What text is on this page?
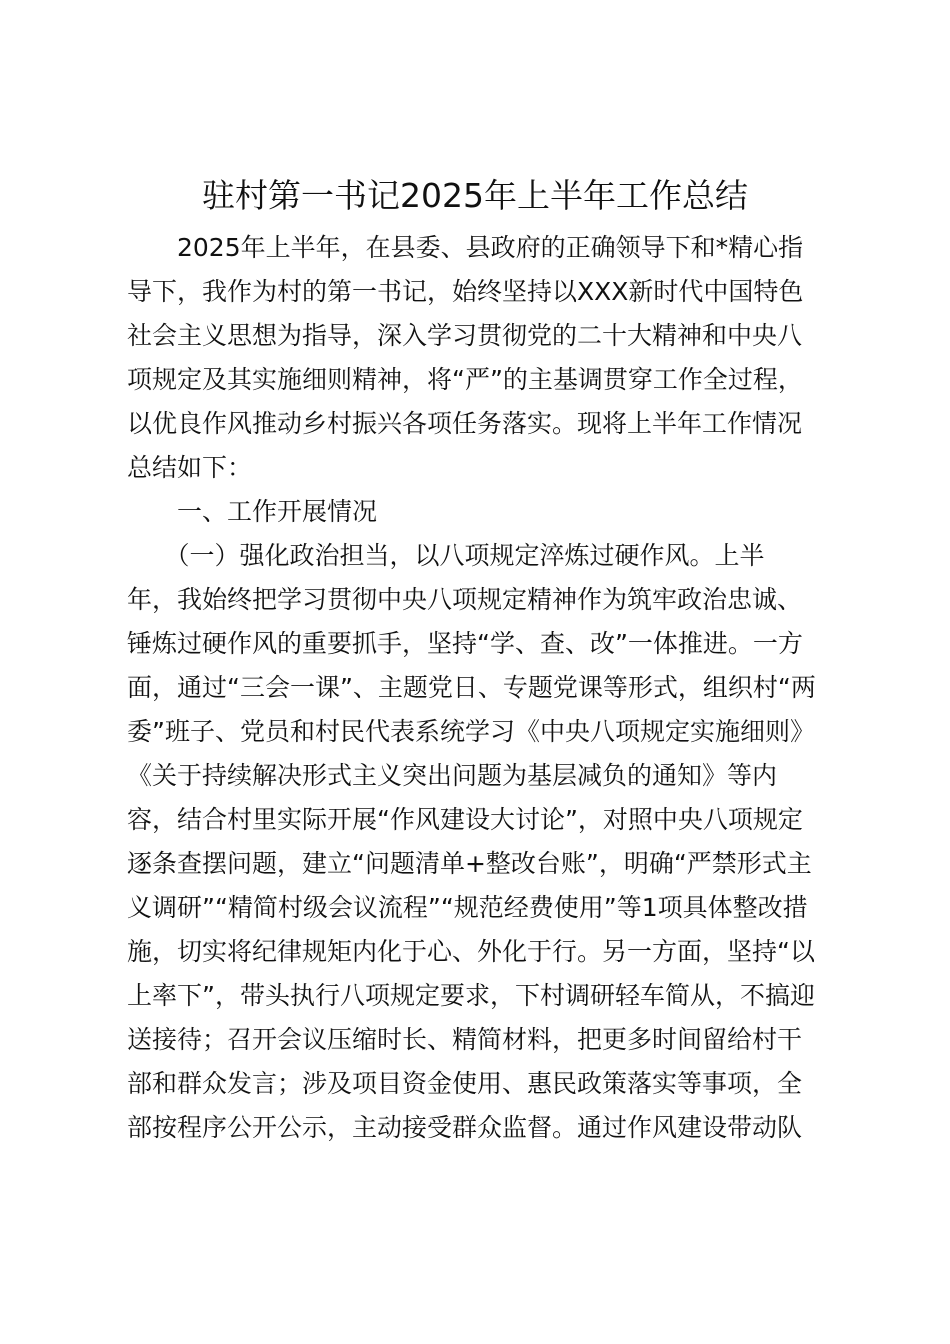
驻村第一书记2025年上半年工作总结
　　2025年上半年，在县委、县政府的正确领导下和*精心指
导下，我作为村的第一书记，始终坚持以XXX新时代中国特色
社会主义思想为指导，深入学习贯彻党的二十大精神和中央八
项规定及其实施细则精神，将“严”的主基调贯穿工作全过程，
以优良作风推动乡村振兴各项任务落实。现将上半年工作情况
总结如下：
　　一、工作开展情况
　　（一）强化政治担当，以八项规定淬炼过硬作风。上半
年，我始终把学习贯彻中央八项规定精神作为筑牢政治忠诚、
锤炼过硬作风的重要抓手，坚持“学、查、改”一体推进。一方
面，通过“三会一课”、主题党日、专题党课等形式，组织村“两
委”班子、党员和村民代表系统学习《中央八项规定实施细则》
《关于持续解决形式主义突出问题为基层减负的通知》等内
容，结合村里实际开展“作风建设大讨论”，对照中央八项规定
逐条查摆问题，建立“问题清单+整改台账”，明确“严禁形式主
义调研”“精简村级会议流程”“规范经费使用”等1项具体整改措
施，切实将纪律规矩内化于心、外化于行。另一方面，坚持“以
上率下”，带头执行八项规定要求，下村调研轻车简从，不搞迎
送接待；召开会议压缩时长、精简材料，把更多时间留给村干
部和群众发言；涉及项目资金使用、惠民政策落实等事项，全
部按程序公开公示，主动接受群众监督。通过作风建设带动队
